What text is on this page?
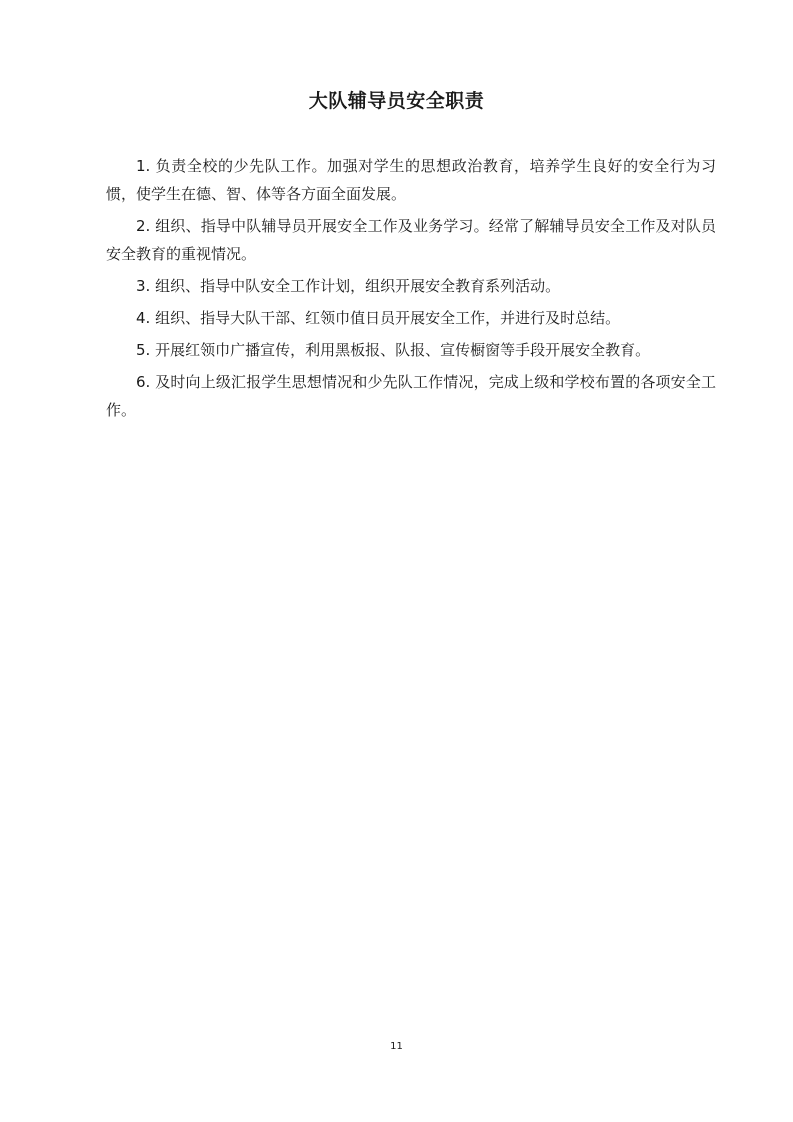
大队辅导员安全职责

1. 负责全校的少先队工作。加强对学生的思想政治教育，培养学生良好的安全行为习惯，使学生在德、智、体等各方面全面发展。

2. 组织、指导中队辅导员开展安全工作及业务学习。经常了解辅导员安全工作及对队员安全教育的重视情况。

3. 组织、指导中队安全工作计划，组织开展安全教育系列活动。

4. 组织、指导大队干部、红领巾值日员开展安全工作，并进行及时总结。

5. 开展红领巾广播宣传，利用黑板报、队报、宣传橱窗等手段开展安全教育。

6. 及时向上级汇报学生思想情况和少先队工作情况，完成上级和学校布置的各项安全工作。

11
